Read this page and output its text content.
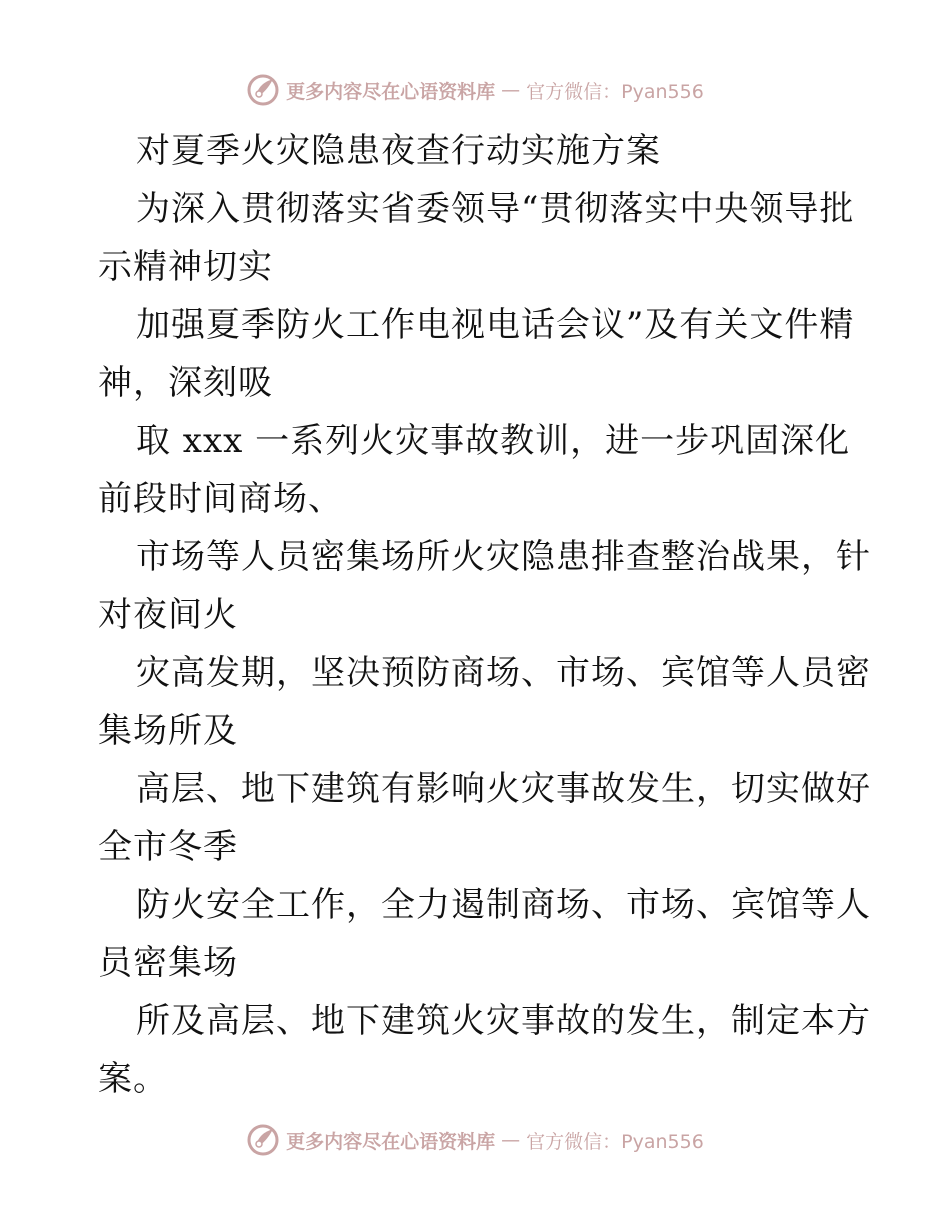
更多内容尽在心语资料库 — 官方微信：Pyan556
对夏季火灾隐患夜查行动实施方案
为深入贯彻落实省委领导“贯彻落实中央领导批
示精神切实
加强夏季防火工作电视电话会议”及有关文件精
神，深刻吸
取 xxx 一系列火灾事故教训，进一步巩固深化
前段时间商场、
市场等人员密集场所火灾隐患排查整治战果，针
对夜间火
灾高发期，坚决预防商场、市场、宾馆等人员密
集场所及
高层、地下建筑有影响火灾事故发生，切实做好
全市冬季
防火安全工作，全力遏制商场、市场、宾馆等人
员密集场
所及高层、地下建筑火灾事故的发生，制定本方
案。
更多内容尽在心语资料库 — 官方微信：Pyan556
